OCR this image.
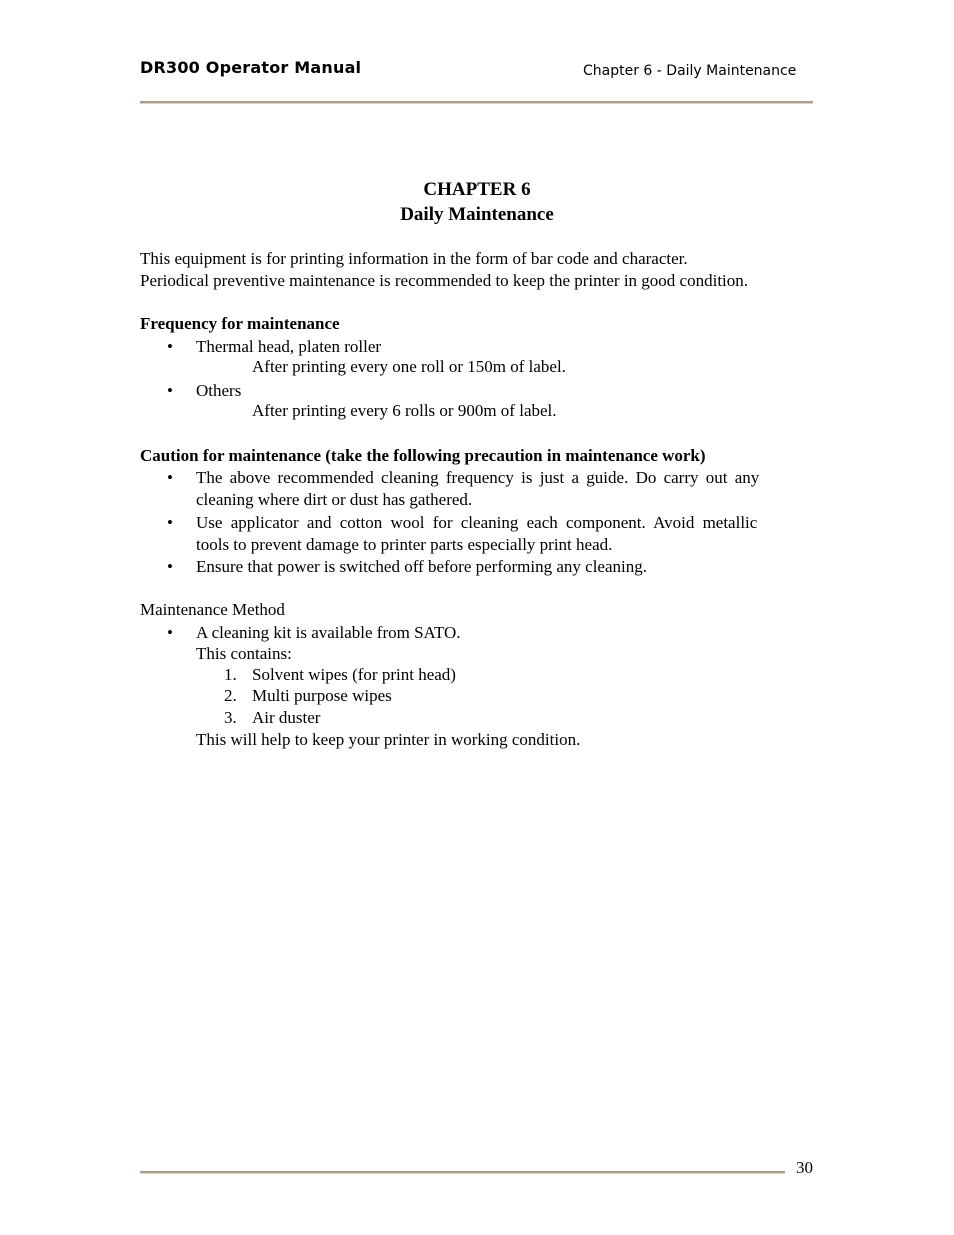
DR300 Operator Manual	Chapter 6 - Daily Maintenance
CHAPTER 6
Daily Maintenance
This equipment is for printing information in the form of bar code and character.
Periodical preventive maintenance is recommended to keep the printer in good condition.
Frequency for maintenance
• Thermal head, platen roller
After printing every one roll or 150m of label.
• Others
After printing every 6 rolls or 900m of label.
Caution for maintenance (take the following precaution in maintenance work)
• The above recommended cleaning frequency is just a guide. Do carry out any
cleaning where dirt or dust has gathered.
• Use applicator and cotton wool for cleaning each component. Avoid metallic
tools to prevent damage to printer parts especially print head.
• Ensure that power is switched off before performing any cleaning.
Maintenance Method
• A cleaning kit is available from SATO.
This contains:
1. Solvent wipes (for print head)
2. Multi purpose wipes
3. Air duster
This will help to keep your printer in working condition.
30
